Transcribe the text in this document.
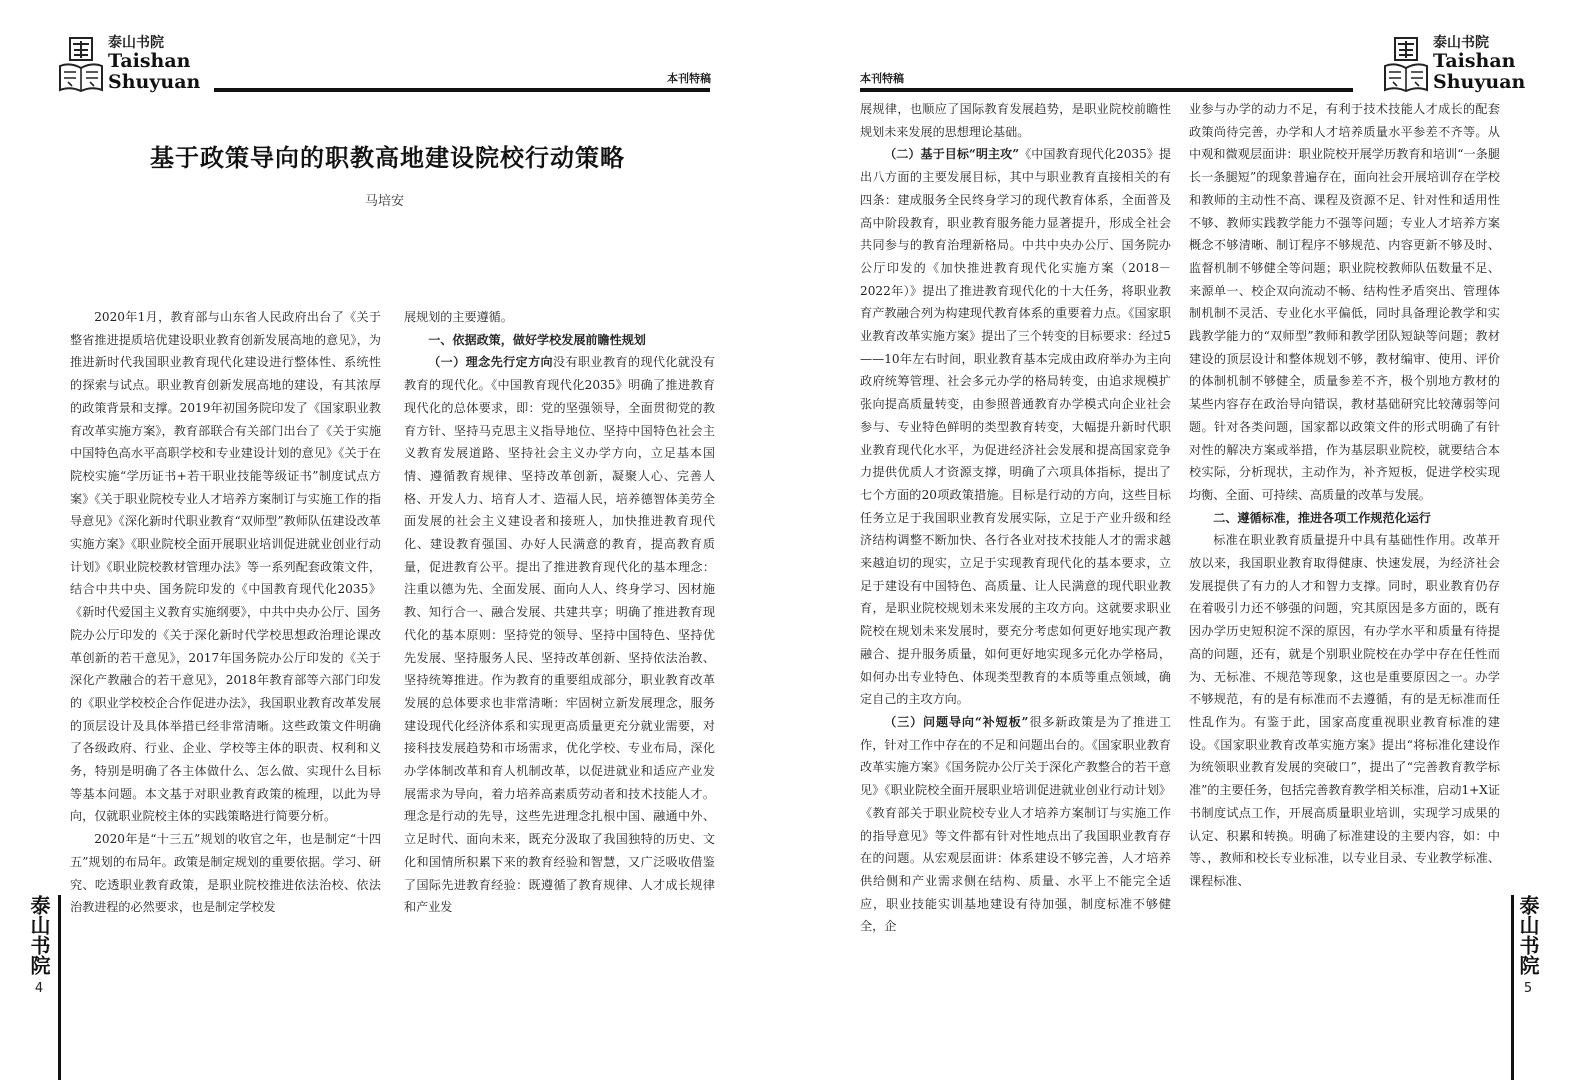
泰山书院
Taishan
Shuyuan	本刊特稿
基于政策导向的职教高地建设院校行动策略
马培安

2020年1月，教育部与山东省人民政府出台了《关于整省推进提质培优建设职业教育创新发展高地的意见》，为推进新时代我国职业教育现代化建设进行整体性、系统性的探索与试点。职业教育创新发展高地的建设，有其浓厚的政策背景和支撑。2019年初国务院印发了《国家职业教育改革实施方案》，教育部联合有关部门出台了《关于实施中国特色高水平高职学校和专业建设计划的意见》《关于在院校实施“学历证书+若干职业技能等级证书”制度试点方案》《关于职业院校专业人才培养方案制订与实施工作的指导意见》《深化新时代职业教育“双师型”教师队伍建设改革实施方案》《职业院校全面开展职业培训促进就业创业行动计划》《职业院校教材管理办法》等一系列配套政策文件，结合中共中央、国务院印发的《中国教育现代化2035》《新时代爱国主义教育实施纲要》，中共中央办公厅、国务院办公厅印发的《关于深化新时代学校思想政治理论课改革创新的若干意见》，2017年国务院办公厅印发的《关于深化产教融合的若干意见》，2018年教育部等六部门印发的《职业学校校企合作促进办法》，我国职业教育改革发展的顶层设计及具体举措已经非常清晰。这些政策文件明确了各级政府、行业、企业、学校等主体的职责、权利和义务，特别是明确了各主体做什么、怎么做、实现什么目标等基本问题。本文基于对职业教育政策的梳理，以此为导向，仅就职业院校主体的实践策略进行简要分析。

2020年是“十三五”规划的收官之年，也是制定“十四五”规划的布局年。政策是制定规划的重要依据。学习、研究、吃透职业教育政策，是职业院校推进依法治校、依法治教进程的必然要求，也是制定学校发

展规划的主要遵循。

一、依据政策，做好学校发展前瞻性规划

（一）理念先行定方向没有职业教育的现代化就没有教育的现代化。《中国教育现代化2035》明确了推进教育现代化的总体要求，即：党的坚强领导，全面贯彻党的教育方针、坚持马克思主义指导地位、坚持中国特色社会主义教育发展道路、坚持社会主义办学方向，立足基本国情、遵循教育规律、坚持改革创新，凝聚人心、完善人格、开发人力、培育人才、造福人民，培养德智体美劳全面发展的社会主义建设者和接班人，加快推进教育现代化、建设教育强国、办好人民满意的教育，提高教育质量，促进教育公平。提出了推进教育现代化的基本理念：注重以德为先、全面发展、面向人人、终身学习、因材施教、知行合一、融合发展、共建共享；明确了推进教育现代化的基本原则：坚持党的领导、坚持中国特色、坚持优先发展、坚持服务人民、坚持改革创新、坚持依法治教、坚持统筹推进。作为教育的重要组成部分，职业教育改革发展的总体要求也非常清晰：牢固树立新发展理念，服务建设现代化经济体系和实现更高质量更充分就业需要，对接科技发展趋势和市场需求，优化学校、专业布局，深化办学体制改革和育人机制改革，以促进就业和适应产业发展需求为导向，着力培养高素质劳动者和技术技能人才。理念是行动的先导，这些先进理念扎根中国、融通中外、立足时代、面向未来，既充分汲取了我国独特的历史、文化和国情所积累下来的教育经验和智慧，又广泛吸收借鉴了国际先进教育经验：既遵循了教育规律、人才成长规律和产业发

泰山书院
4
泰山书院
Taishan
Shuyuan
本刊特稿

展规律，也顺应了国际教育发展趋势，是职业院校前瞻性规划未来发展的思想理论基础。

（二）基于目标“明主攻”《中国教育现代化2035》提出八方面的主要发展目标，其中与职业教育直接相关的有四条：建成服务全民终身学习的现代教育体系，全面普及高中阶段教育，职业教育服务能力显著提升，形成全社会共同参与的教育治理新格局。中共中央办公厅、国务院办公厅印发的《加快推进教育现代化实施方案（2018－2022年）》提出了推进教育现代化的十大任务，将职业教育产教融合列为构建现代教育体系的重要着力点。《国家职业教育改革实施方案》提出了三个转变的目标要求：经过5——10年左右时间，职业教育基本完成由政府举办为主向政府统筹管理、社会多元办学的格局转变，由追求规模扩张向提高质量转变，由参照普通教育办学模式向企业社会参与、专业特色鲜明的类型教育转变，大幅提升新时代职业教育现代化水平，为促进经济社会发展和提高国家竞争力提供优质人才资源支撑，明确了六项具体指标，提出了七个方面的20项政策措施。目标是行动的方向，这些目标任务立足于我国职业教育发展实际，立足于产业升级和经济结构调整不断加快、各行各业对技术技能人才的需求越来越迫切的现实，立足于实现教育现代化的基本要求，立足于建设有中国特色、高质量、让人民满意的现代职业教育，是职业院校规划未来发展的主攻方向。这就要求职业院校在规划未来发展时，要充分考虑如何更好地实现产教融合、提升服务质量，如何更好地实现多元化办学格局，如何办出专业特色、体现类型教育的本质等重点领域，确定自己的主攻方向。

（三）问题导向“补短板”很多新政策是为了推进工作，针对工作中存在的不足和问题出台的。《国家职业教育改革实施方案》《国务院办公厅关于深化产教整合的若干意见》《职业院校全面开展职业培训促进就业创业行动计划》《教育部关于职业院校专业人才培养方案制订与实施工作的指导意见》等文件都有针对性地点出了我国职业教育存在的问题。从宏观层面讲：体系建设不够完善，人才培养供给侧和产业需求侧在结构、质量、水平上不能完全适应，职业技能实训基地建设有待加强，制度标准不够健全，企

业参与办学的动力不足，有利于技术技能人才成长的配套政策尚待完善，办学和人才培养质量水平参差不齐等。从中观和微观层面讲：职业院校开展学历教育和培训“一条腿长一条腿短”的现象普遍存在，面向社会开展培训存在学校和教师的主动性不高、课程及资源不足、针对性和适用性不够、教师实践教学能力不强等问题；专业人才培养方案概念不够清晰、制订程序不够规范、内容更新不够及时、监督机制不够健全等问题；职业院校教师队伍数量不足、来源单一、校企双向流动不畅、结构性矛盾突出、管理体制机制不灵活、专业化水平偏低，同时具备理论教学和实践教学能力的“双师型”教师和教学团队短缺等问题；教材建设的顶层设计和整体规划不够，教材编审、使用、评价的体制机制不够健全，质量参差不齐，极个别地方教材的某些内容存在政治导向错误，教材基础研究比较薄弱等问题。针对各类问题，国家都以政策文件的形式明确了有针对性的解决方案或举措，作为基层职业院校，就要结合本校实际，分析现状，主动作为，补齐短板，促进学校实现均衡、全面、可持续、高质量的改革与发展。

二、遵循标准，推进各项工作规范化运行

标准在职业教育质量提升中具有基础性作用。改革开放以来，我国职业教育取得健康、快速发展，为经济社会发展提供了有力的人才和智力支撑。同时，职业教育仍存在着吸引力还不够强的问题，究其原因是多方面的，既有因办学历史短积淀不深的原因，有办学水平和质量有待提高的问题，还有，就是个别职业院校在办学中存在任性而为、无标准、不规范等现象，这也是重要原因之一。办学不够规范，有的是有标准而不去遵循，有的是无标准而任性乱作为。有鉴于此，国家高度重视职业教育标准的建设。《国家职业教育改革实施方案》提出“将标准化建设作为统领职业教育发展的突破口”，提出了“完善教育教学标准”的主要任务，包括完善教育教学相关标准，启动1+X证书制度试点工作，开展高质量职业培训，实现学习成果的认定、积累和转换。明确了标准建设的主要内容，如：中等、，教师和校长专业标准，以专业目录、专业教学标准、课程标准、

泰山书院
5
